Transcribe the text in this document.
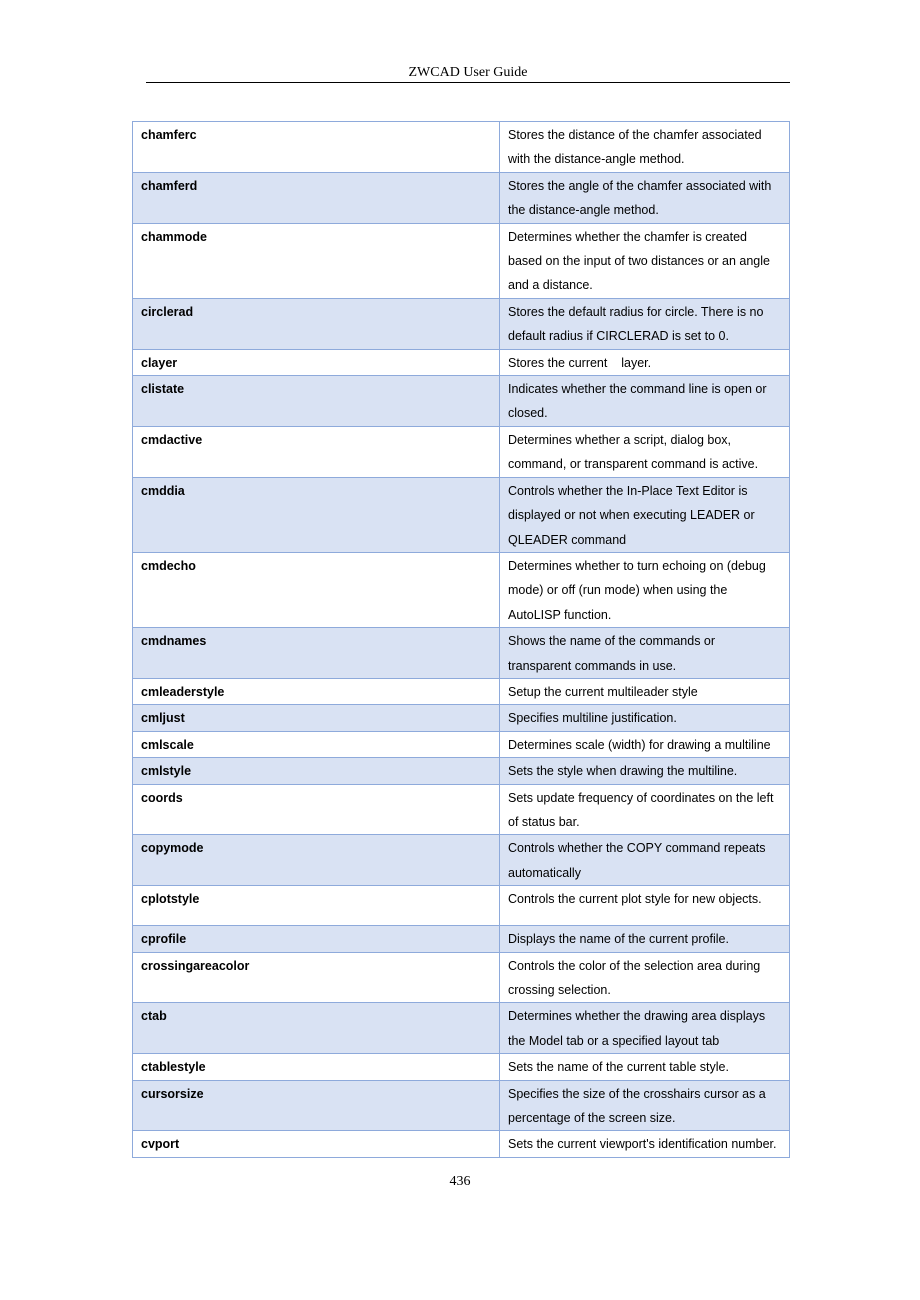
ZWCAD User Guide
chamferc	Stores the distance of the chamfer associated with the distance-angle method.
chamferd	Stores the angle of the chamfer associated with the distance-angle method.
chammode	Determines whether the chamfer is created based on the input of two distances or an angle and a distance.
circlerad	Stores the default radius for circle. There is no default radius if CIRCLERAD is set to 0.
clayer	Stores the current    layer.
clistate	Indicates whether the command line is open or closed.
cmdactive	Determines whether a script, dialog box, command, or transparent command is active.
cmddia	Controls whether the In-Place Text Editor is displayed or not when executing LEADER or QLEADER command
cmdecho	Determines whether to turn echoing on (debug mode) or off (run mode) when using the AutoLISP function.
cmdnames	Shows the name of the commands or transparent commands in use.
cmleaderstyle	Setup the current multileader style
cmljust	Specifies multiline justification.
cmlscale	Determines scale (width) for drawing a multiline
cmlstyle	Sets the style when drawing the multiline.
coords	Sets update frequency of coordinates on the left of status bar.
copymode	Controls whether the COPY command repeats automatically
cplotstyle	Controls the current plot style for new objects.
cprofile	Displays the name of the current profile.
crossingareacolor	Controls the color of the selection area during crossing selection.
ctab	Determines whether the drawing area displays the Model tab or a specified layout tab
ctablestyle	Sets the name of the current table style.
cursorsize	Specifies the size of the crosshairs cursor as a percentage of the screen size.
cvport	Sets the current viewport's identification number.
436
